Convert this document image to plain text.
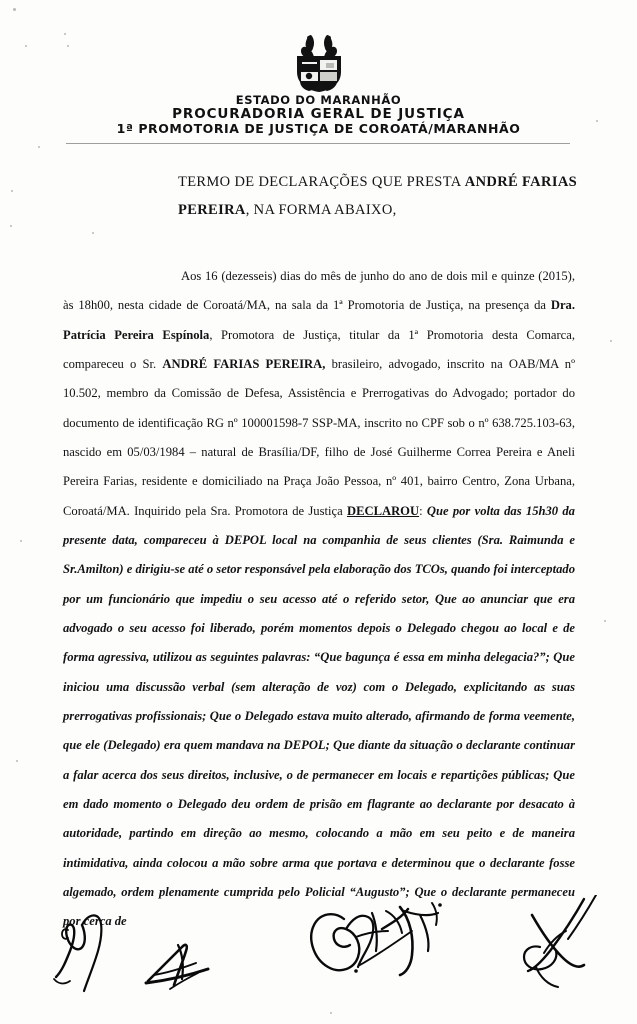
ESTADO DO MARANHÃO
PROCURADORIA GERAL DE JUSTIÇA
1ª PROMOTORIA DE JUSTIÇA DE COROATÁ/MARANHÃO
TERMO DE DECLARAÇÕES QUE PRESTA ANDRÉ FARIAS PEREIRA, NA FORMA ABAIXO,

Aos 16 (dezesseis) dias do mês de junho do ano de dois mil e quinze (2015), às 18h00, nesta cidade de Coroatá/MA, na sala da 1ª Promotoria de Justiça, na presença da Dra. Patrícia Pereira Espínola, Promotora de Justiça, titular da 1ª Promotoria desta Comarca, compareceu o Sr. ANDRÉ FARIAS PEREIRA, brasileiro, advogado, inscrito na OAB/MA nº 10.502, membro da Comissão de Defesa, Assistência e Prerrogativas do Advogado; portador do documento de identificação RG nº 100001598-7 SSP-MA, inscrito no CPF sob o nº 638.725.103-63, nascido em 05/03/1984 – natural de Brasília/DF, filho de José Guilherme Correa Pereira e Aneli Pereira Farias, residente e domiciliado na Praça João Pessoa, nº 401, bairro Centro, Zona Urbana, Coroatá/MA. Inquirido pela Sra. Promotora de Justiça DECLAROU: Que por volta das 15h30 da presente data, compareceu à DEPOL local na companhia de seus clientes (Sra. Raimunda e Sr.Amilton) e dirigiu-se até o setor responsável pela elaboração dos TCOs, quando foi interceptado por um funcionário que impediu o seu acesso até o referido setor, Que ao anunciar que era advogado o seu acesso foi liberado, porém momentos depois o Delegado chegou ao local e de forma agressiva, utilizou as seguintes palavras: “Que bagunça é essa em minha delegacia?”; Que iniciou uma discussão verbal (sem alteração de voz) com o Delegado, explicitando as suas prerrogativas profissionais; Que o Delegado estava muito alterado, afirmando de forma veemente, que ele (Delegado) era quem mandava na DEPOL; Que diante da situação o declarante continuar a falar acerca dos seus direitos, inclusive, o de permanecer em locais e repartições públicas; Que em dado momento o Delegado deu ordem de prisão em flagrante ao declarante por desacato à autoridade, partindo em direção ao mesmo, colocando a mão em seu peito e de maneira intimidativa, ainda colocou a mão sobre arma que portava e determinou que o declarante fosse algemado, ordem plenamente cumprida pelo Policial “Augusto”; Que o declarante permaneceu por cerca de
